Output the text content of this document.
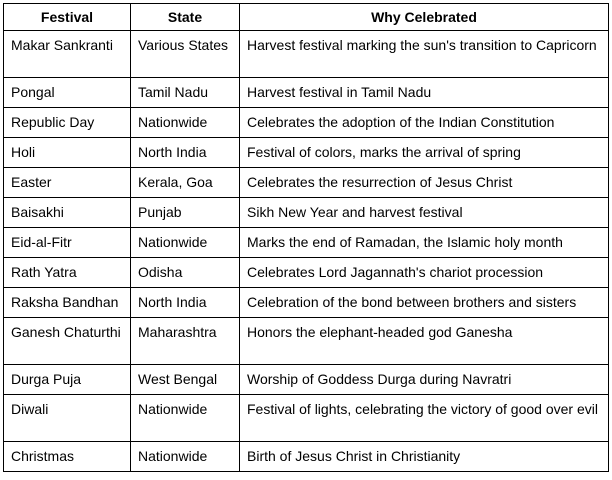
Festival	State	Why Celebrated
Makar Sankranti	Various States	Harvest festival marking the sun's transition to Capricorn
Pongal	Tamil Nadu	Harvest festival in Tamil Nadu
Republic Day	Nationwide	Celebrates the adoption of the Indian Constitution
Holi	North India	Festival of colors, marks the arrival of spring
Easter	Kerala, Goa	Celebrates the resurrection of Jesus Christ
Baisakhi	Punjab	Sikh New Year and harvest festival
Eid-al-Fitr	Nationwide	Marks the end of Ramadan, the Islamic holy month
Rath Yatra	Odisha	Celebrates Lord Jagannath's chariot procession
Raksha Bandhan	North India	Celebration of the bond between brothers and sisters
Ganesh Chaturthi	Maharashtra	Honors the elephant-headed god Ganesha
Durga Puja	West Bengal	Worship of Goddess Durga during Navratri
Diwali	Nationwide	Festival of lights, celebrating the victory of good over evil
Christmas	Nationwide	Birth of Jesus Christ in Christianity
